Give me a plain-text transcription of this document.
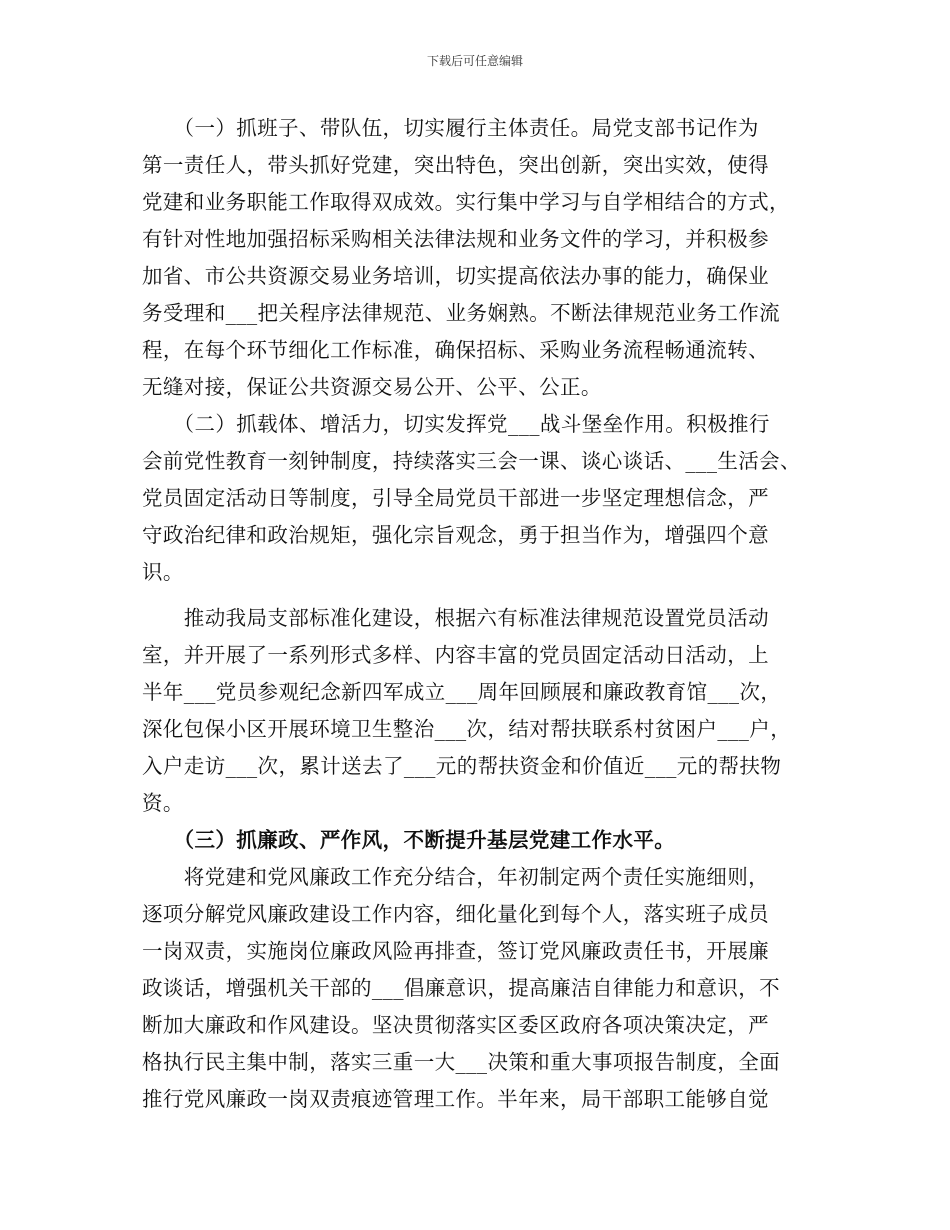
下载后可任意编辑
　　（一）抓班子、带队伍，切实履行主体责任。局党支部书记作为
第一责任人，带头抓好党建，突出特色，突出创新，突出实效，使得
党建和业务职能工作取得双成效。实行集中学习与自学相结合的方式，
有针对性地加强招标采购相关法律法规和业务文件的学习，并积极参
加省、市公共资源交易业务培训，切实提高依法办事的能力，确保业
务受理和___把关程序法律规范、业务娴熟。不断法律规范业务工作流
程，在每个环节细化工作标准，确保招标、采购业务流程畅通流转、
无缝对接，保证公共资源交易公开、公平、公正。
　　（二）抓载体、增活力，切实发挥党___战斗堡垒作用。积极推行
会前党性教育一刻钟制度，持续落实三会一课、谈心谈话、___生活会、
党员固定活动日等制度，引导全局党员干部进一步坚定理想信念，严
守政治纪律和政治规矩，强化宗旨观念，勇于担当作为，增强四个意
识。
　　推动我局支部标准化建设，根据六有标准法律规范设置党员活动
室，并开展了一系列形式多样、内容丰富的党员固定活动日活动，上
半年___党员参观纪念新四军成立___周年回顾展和廉政教育馆___次，
深化包保小区开展环境卫生整治___次，结对帮扶联系村贫困户___户，
入户走访___次，累计送去了___元的帮扶资金和价值近___元的帮扶物
资。
　　（三）抓廉政、严作风，不断提升基层党建工作水平。
　　将党建和党风廉政工作充分结合，年初制定两个责任实施细则，
逐项分解党风廉政建设工作内容，细化量化到每个人，落实班子成员
一岗双责，实施岗位廉政风险再排查，签订党风廉政责任书，开展廉
政谈话，增强机关干部的___倡廉意识，提高廉洁自律能力和意识，不
断加大廉政和作风建设。坚决贯彻落实区委区政府各项决策决定，严
格执行民主集中制，落实三重一大___决策和重大事项报告制度，全面
推行党风廉政一岗双责痕迹管理工作。半年来，局干部职工能够自觉
